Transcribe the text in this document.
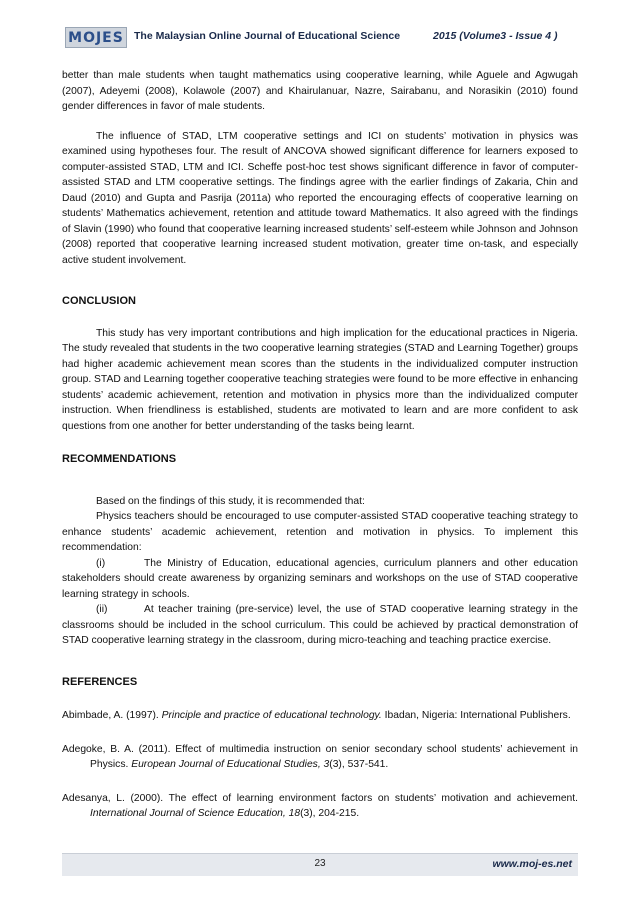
MOJES The Malaysian Online Journal of Educational Science	2015 (Volume3 - Issue 4 )

better than male students when taught mathematics using cooperative learning, while Aguele and Agwugah (2007), Adeyemi (2008), Kolawole (2007) and Khairulanuar, Nazre, Sairabanu, and Norasikin (2010) found gender differences in favor of male students.

The influence of STAD, LTM cooperative settings and ICI on students’ motivation in physics was examined using hypotheses four. The result of ANCOVA showed significant difference for learners exposed to computer-assisted STAD, LTM and ICI. Scheffe post-hoc test shows significant difference in favor of computer-assisted STAD and LTM cooperative settings. The findings agree with the earlier findings of Zakaria, Chin and Daud (2010) and Gupta and Pasrija (2011a) who reported the encouraging effects of cooperative learning on students’ Mathematics achievement, retention and attitude toward Mathematics. It also agreed with the findings of Slavin (1990) who found that cooperative learning increased students’ self-esteem while Johnson and Johnson (2008) reported that cooperative learning increased student motivation, greater time on-task, and especially active student involvement.

CONCLUSION

This study has very important contributions and high implication for the educational practices in Nigeria. The study revealed that students in the two cooperative learning strategies (STAD and Learning Together) groups had higher academic achievement mean scores than the students in the individualized computer instruction group. STAD and Learning together cooperative teaching strategies were found to be more effective in enhancing students’ academic achievement, retention and motivation in physics more than the individualized computer instruction. When friendliness is established, students are motivated to learn and are more confident to ask questions from one another for better understanding of the tasks being learnt.

RECOMMENDATIONS

Based on the findings of this study, it is recommended that:

Physics teachers should be encouraged to use computer-assisted STAD cooperative teaching strategy to enhance students’ academic achievement, retention and motivation in physics. To implement this recommendation:

(i)	The Ministry of Education, educational agencies, curriculum planners and other education stakeholders should create awareness by organizing seminars and workshops on the use of STAD cooperative learning strategy in schools.

(ii)	At teacher training (pre-service) level, the use of STAD cooperative learning strategy in the classrooms should be included in the school curriculum. This could be achieved by practical demonstration of STAD cooperative learning strategy in the classroom, during micro-teaching and teaching practice exercise.

REFERENCES

Abimbade, A. (1997). Principle and practice of educational technology. Ibadan, Nigeria: International Publishers.

Adegoke, B. A. (2011). Effect of multimedia instruction on senior secondary school students’ achievement in Physics. European Journal of Educational Studies, 3(3), 537-541.

Adesanya, L. (2000). The effect of learning environment factors on students’ motivation and achievement. International Journal of Science Education, 18(3), 204-215.

23	www.moj-es.net
